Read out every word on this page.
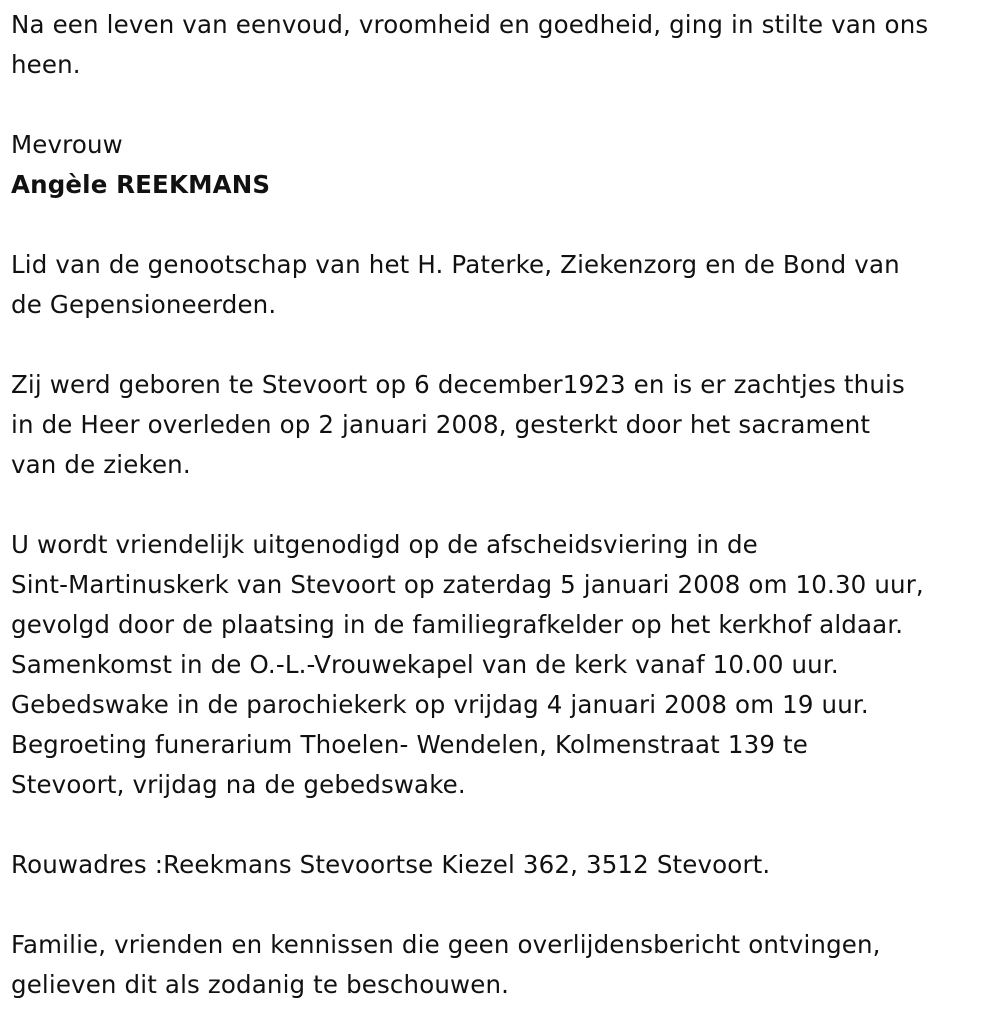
Na een leven van eenvoud, vroomheid en goedheid, ging in stilte van ons
heen.
Mevrouw
Angèle REEKMANS
Lid van de genootschap van het H. Paterke, Ziekenzorg en de Bond van
de Gepensioneerden.
Zij werd geboren te Stevoort op 6 december1923 en is er zachtjes thuis
in de Heer overleden op 2 januari 2008, gesterkt door het sacrament
van de zieken.
U wordt vriendelijk uitgenodigd op de afscheidsviering in de
Sint-Martinuskerk van Stevoort op zaterdag 5 januari 2008 om 10.30 uur,
gevolgd door de plaatsing in de familiegrafkelder op het kerkhof aldaar.
Samenkomst in de O.-L.-Vrouwekapel van de kerk vanaf 10.00 uur.
Gebedswake in de parochiekerk op vrijdag 4 januari 2008 om 19 uur.
Begroeting funerarium Thoelen- Wendelen, Kolmenstraat 139 te
Stevoort, vrijdag na de gebedswake.
Rouwadres :Reekmans Stevoortse Kiezel 362, 3512 Stevoort.
Familie, vrienden en kennissen die geen overlijdensbericht ontvingen,
gelieven dit als zodanig te beschouwen.
